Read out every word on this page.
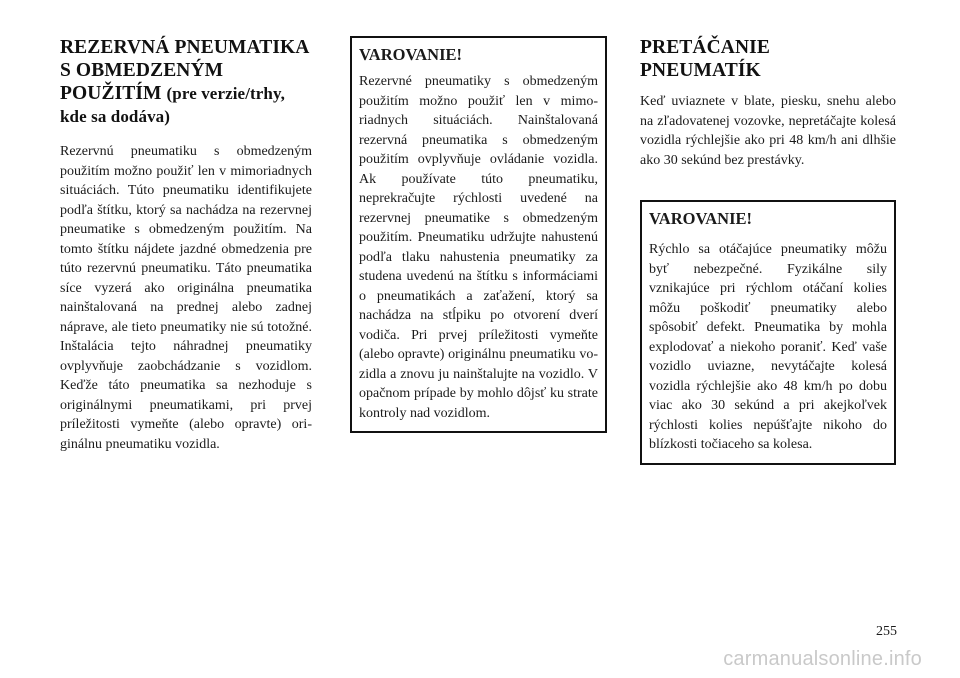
REZERVNÁ PNEUMATIKA
S OBMEDZENÝM
POUŽITÍM (pre verzie/trhy, kde sa dodáva)

Rezervnú pneumatiku s obmedzeným použitím možno použiť len v mimoriadnych situáciách. Túto pneumatiku identifikujete podľa štítku, ktorý sa nachádza na rezervnej pneumatike s obmedzeným použitím. Na tomto štítku nájdete jazdné obmedzenia pre túto rezervnú pneumatiku. Táto pneumatika síce vyzerá ako originálna pneumatika nainštalovaná na prednej alebo zadnej náprave, ale tieto pneumatiky nie sú totožné. Inštalácia tejto náhradnej pneumatiky ovplyvňuje zaobchádzanie s vozidlom. Keďže táto pneumatika sa nezhoduje s originálnymi pneumatikami, pri prvej príležitosti vymeňte (alebo opravte) originálnu pneumatiku vozidla.

VAROVANIE!

Rezervné pneumatiky s obmedzeným použitím možno použiť len v mimoriadnych situáciách. Nainštalovaná rezervná pneumatika s obmedzeným použitím ovplyvňuje ovládanie vozidla. Ak používate túto pneumatiku, neprekračujte rýchlosti uvedené na rezervnej pneumatike s obmedzeným použitím. Pneumatiku udržujte nahustenú podľa tlaku nahustenia pneumatiky za studena uvedenú na štítku s informáciami o pneumatikách a zaťažení, ktorý sa nachádza na stĺpiku po otvorení dverí vodiča. Pri prvej príležitosti vymeňte (alebo opravte) originálnu pneumatiku vozidla a znovu ju nainštalujte na vozidlo. V opačnom prípade by mohlo dôjsť ku strate kontroly nad vozidlom.

PRETÁČANIE
PNEUMATÍK

Keď uviaznete v blate, piesku, snehu alebo na zľadovatenej vozovke, nepretáčajte kolesá vozidla rýchlejšie ako pri 48 km/h ani dlhšie ako 30 sekúnd bez prestávky.

VAROVANIE!

Rýchlo sa otáčajúce pneumatiky môžu byť nebezpečné. Fyzikálne sily vznikajúce pri rýchlom otáčaní kolies môžu poškodiť pneumatiky alebo spôsobiť defekt. Pneumatika by mohla explodovať a niekoho poraniť. Keď vaše vozidlo uviazne, nevytáčajte kolesá vozidla rýchlejšie ako 48 km/h po dobu viac ako 30 sekúnd a pri akejkoľvek rýchlosti kolies nepúšťajte nikoho do blízkosti točiaceho sa kolesa.

255
carmanualsonline.info
